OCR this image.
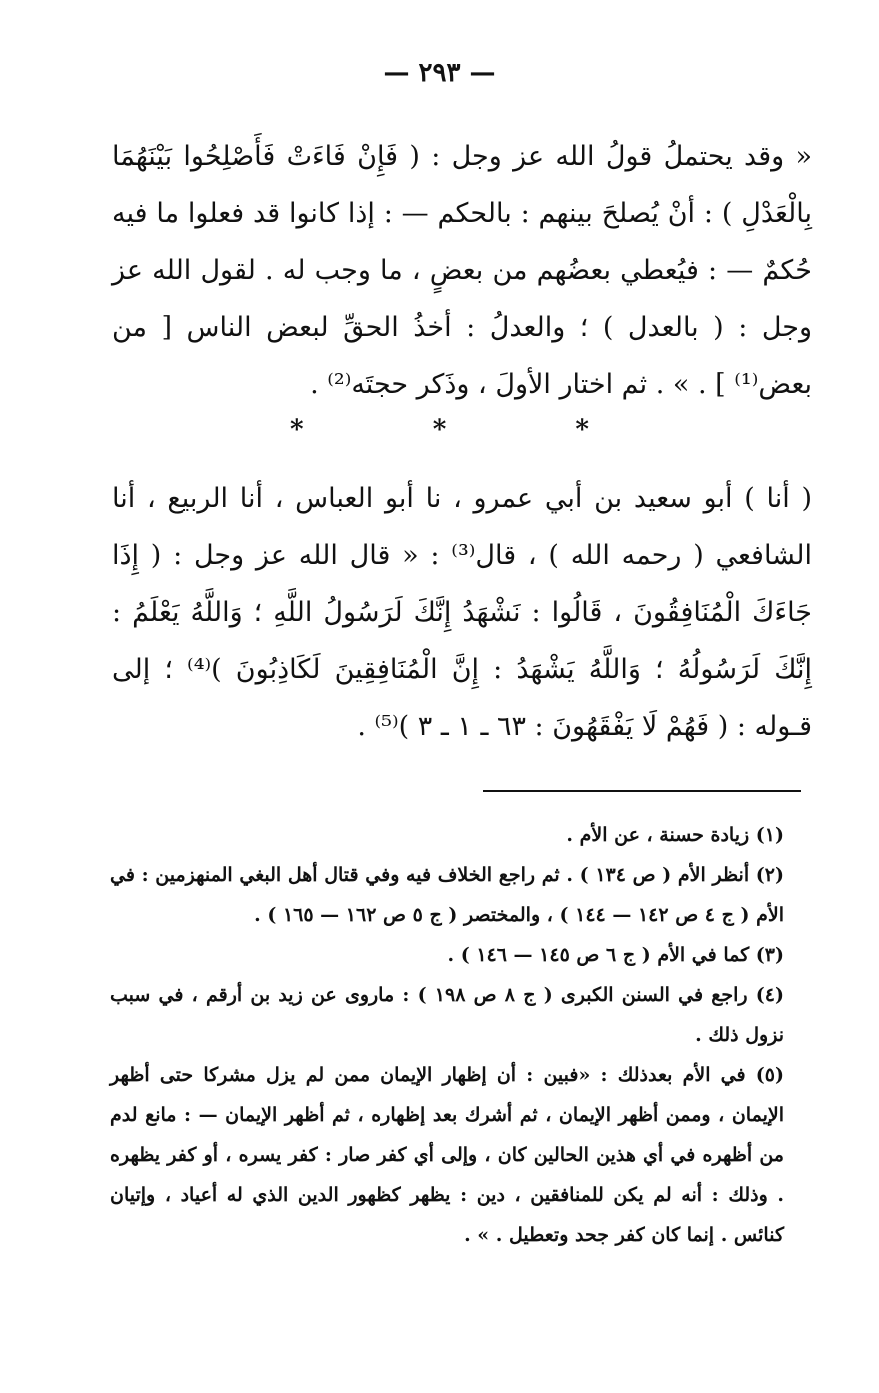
— ٢٩٣ —

« وقد يحتملُ قولُ الله عز وجل : ( فَإِنْ فَاءَتْ فَأَصْلِحُوا بَيْنَهُمَا بِالْعَدْلِ ) : أنْ يُصلحَ بينهم : بالحكم — : إذا كانوا قد فعلوا ما فيه حُكمٌ — : فيُعطي بعضُهم من بعضٍ ، ما وجب له . لقول الله عز وجل : ( بالعدل ) ؛ والعدلُ : أخذُ الحقِّ لبعض الناس [ من بعض⁽¹⁾ ] . » . ثم اختار الأولَ ، وذَكر حجتَه⁽²⁾ .

* * *

( أنا ) أبو سعيد بن أبي عمرو ، نا أبو العباس ، أنا الربيع ، أنا الشافعي ( رحمه الله ) ، قال⁽³⁾ : « قال الله عز وجل : ( إِذَا جَاءَكَ الْمُنَافِقُونَ ، قَالُوا : نَشْهَدُ إِنَّكَ لَرَسُولُ اللَّهِ ؛ وَاللَّهُ يَعْلَمُ : إِنَّكَ لَرَسُولُهُ ؛ وَاللَّهُ يَشْهَدُ : إِنَّ الْمُنَافِقِينَ لَكَاذِبُونَ )⁽⁴⁾ ؛ إلى قـوله : ( فَهُمْ لَا يَفْقَهُونَ : ٦٣ ـ ١ ـ ٣ )⁽⁵⁾ .

(١) زيادة حسنة ، عن الأم .

(٢) أنظر الأم ( ص ١٣٤ ) . ثم راجع الخلاف فيه وفي قتال أهل البغي المنهزمين : في الأم ( ج ٤ ص ١٤٢ — ١٤٤ ) ، والمختصر ( ج ٥ ص ١٦٢ — ١٦٥ ) .

(٣) كما في الأم ( ج ٦ ص ١٤٥ — ١٤٦ ) .

(٤) راجع في السنن الكبرى ( ج ٨ ص ١٩٨ ) : ماروى عن زيد بن أرقم ، في سبب نزول ذلك .

(٥) في الأم بعدذلك : «فبين : أن إظهار الإيمان ممن لم يزل مشركا حتى أظهر الإيمان ، وممن أظهر الإيمان ، ثم أشرك بعد إظهاره ، ثم أظهر الإيمان — : مانع لدم من أظهره في أي هذين الحالين كان ، وإلى أي كفر صار : كفر يسره ، أو كفر يظهره . وذلك : أنه لم يكن للمنافقين ، دين : يظهر كظهور الدين الذي له أعياد ، وإتيان كنائس . إنما كان كفر جحد وتعطيل . » .
